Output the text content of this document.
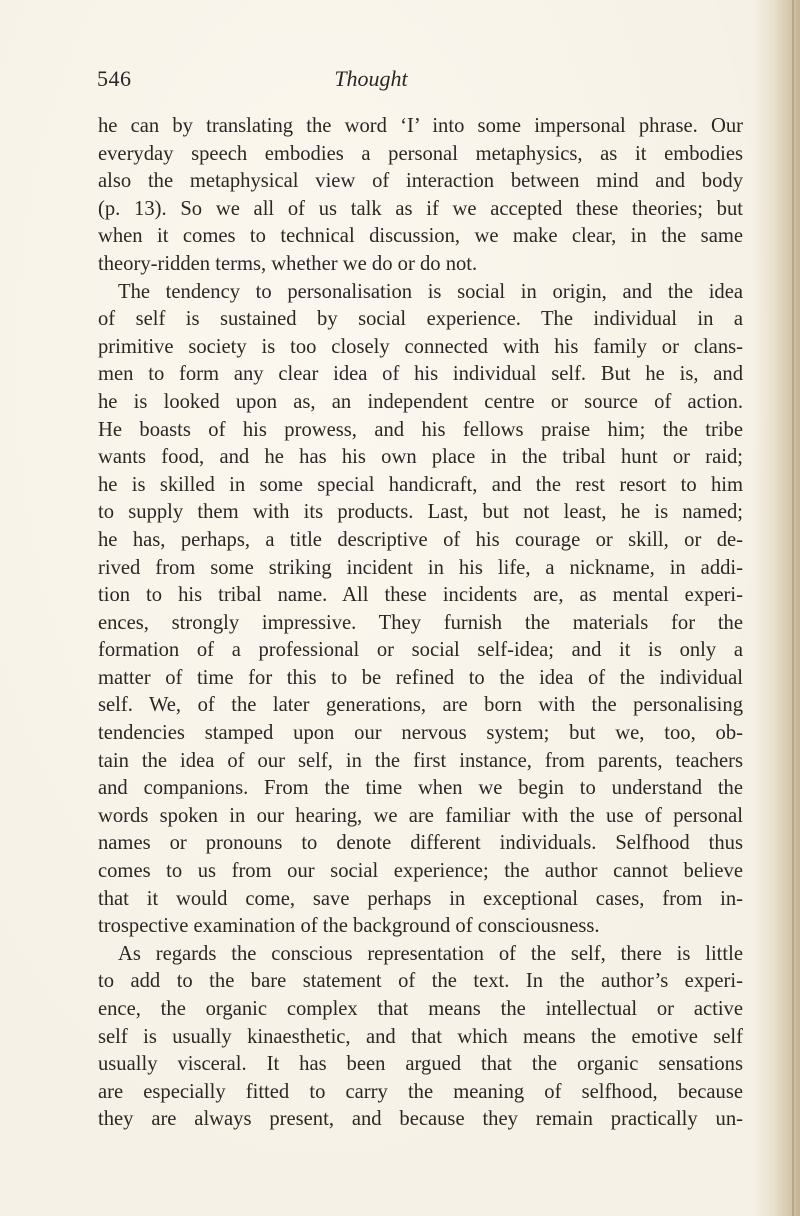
546	Thought
he can by translating the word ‘I’ into some impersonal phrase. Our
everyday speech embodies a personal metaphysics, as it embodies
also the metaphysical view of interaction between mind and body
(p. 13). So we all of us talk as if we accepted these theories; but
when it comes to technical discussion, we make clear, in the same
theory-ridden terms, whether we do or do not.
The tendency to personalisation is social in origin, and the idea
of self is sustained by social experience. The individual in a
primitive society is too closely connected with his family or clans-
men to form any clear idea of his individual self. But he is, and
he is looked upon as, an independent centre or source of action.
He boasts of his prowess, and his fellows praise him; the tribe
wants food, and he has his own place in the tribal hunt or raid;
he is skilled in some special handicraft, and the rest resort to him
to supply them with its products. Last, but not least, he is named;
he has, perhaps, a title descriptive of his courage or skill, or de-
rived from some striking incident in his life, a nickname, in addi-
tion to his tribal name. All these incidents are, as mental experi-
ences, strongly impressive. They furnish the materials for the
formation of a professional or social self-idea; and it is only a
matter of time for this to be refined to the idea of the individual
self. We, of the later generations, are born with the personalising
tendencies stamped upon our nervous system; but we, too, ob-
tain the idea of our self, in the first instance, from parents, teachers
and companions. From the time when we begin to understand the
words spoken in our hearing, we are familiar with the use of personal
names or pronouns to denote different individuals. Selfhood thus
comes to us from our social experience; the author cannot believe
that it would come, save perhaps in exceptional cases, from in-
trospective examination of the background of consciousness.
As regards the conscious representation of the self, there is little
to add to the bare statement of the text. In the author’s experi-
ence, the organic complex that means the intellectual or active
self is usually kinaesthetic, and that which means the emotive self
usually visceral. It has been argued that the organic sensations
are especially fitted to carry the meaning of selfhood, because
they are always present, and because they remain practically un-
